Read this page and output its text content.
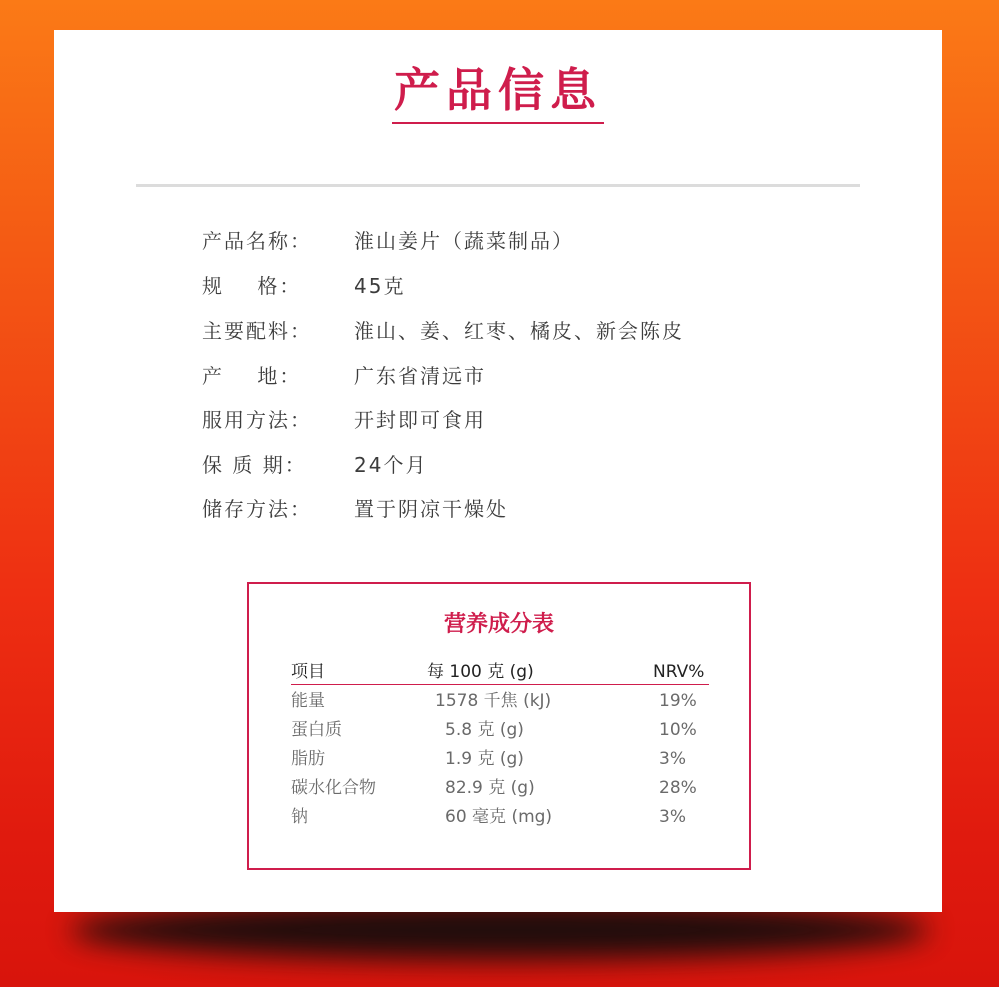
产品信息
产品名称： 淮山姜片（蔬菜制品）
规    格：	45克
主要配料： 淮山、姜、红枣、橘皮、新会陈皮
产    地：	广东省清远市
服用方法： 开封即可食用
保 质 期： 24个月
储存方法： 置于阴凉干燥处
营养成分表
项目	每 100 克 (g)	NRV%
能量	1578 千焦 (kJ)	19%
蛋白质	5.8 克 (g)	10%
脂肪	1.9 克 (g)	3%
碳水化合物	82.9 克 (g)	28%
钠	60 毫克 (mg)	3%
